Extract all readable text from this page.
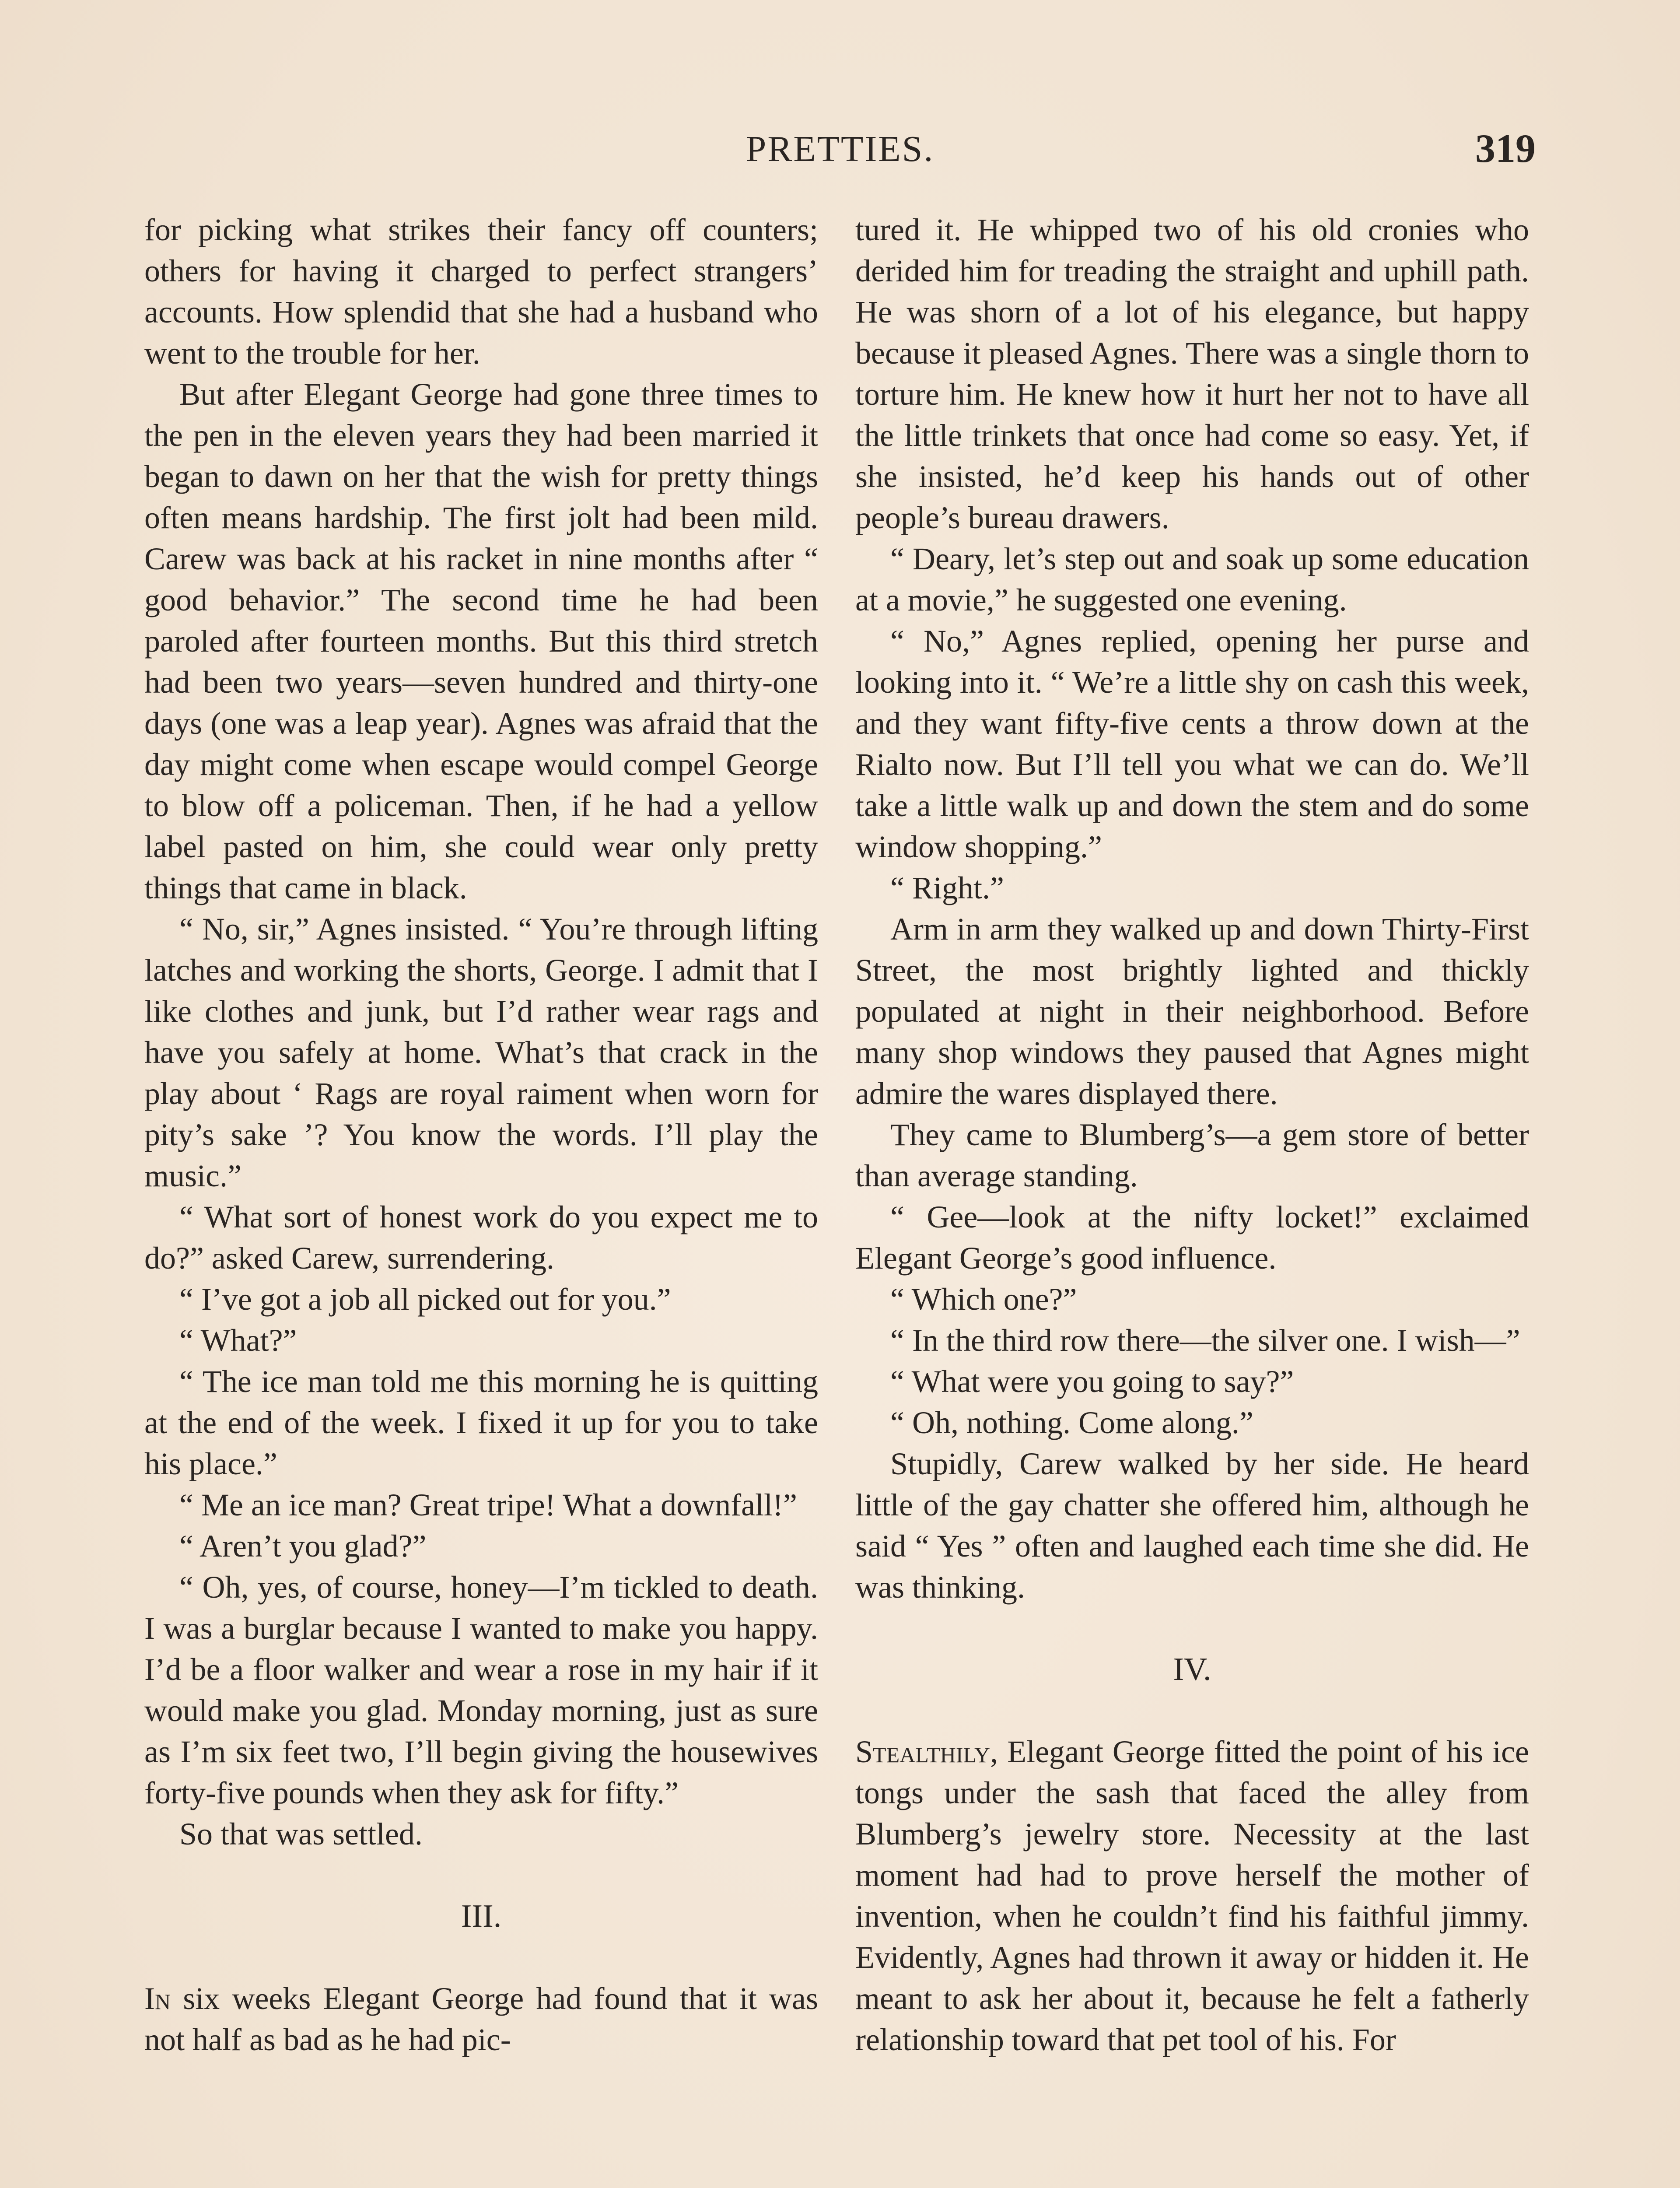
PRETTIES.	319

for picking what strikes their fancy off counters; others for having it charged to perfect strangers’ accounts. How splendid that she had a husband who went to the trouble for her.

But after Elegant George had gone three times to the pen in the eleven years they had been married it began to dawn on her that the wish for pretty things often means hardship. The first jolt had been mild. Carew was back at his racket in nine months after “ good behavior.” The second time he had been paroled after fourteen months. But this third stretch had been two years—seven hundred and thirty-one days (one was a leap year). Agnes was afraid that the day might come when escape would compel George to blow off a policeman. Then, if he had a yellow label pasted on him, she could wear only pretty things that came in black.

“ No, sir,” Agnes insisted. “ You’re through lifting latches and working the shorts, George. I admit that I like clothes and junk, but I’d rather wear rags and have you safely at home. What’s that crack in the play about ‘ Rags are royal raiment when worn for pity’s sake ’? You know the words. I’ll play the music.”

“ What sort of honest work do you expect me to do?” asked Carew, surrendering.

“ I’ve got a job all picked out for you.”

“ What?”

“ The ice man told me this morning he is quitting at the end of the week. I fixed it up for you to take his place.”

“ Me an ice man? Great tripe! What a downfall!”

“ Aren’t you glad?”

“ Oh, yes, of course, honey—I’m tickled to death. I was a burglar because I wanted to make you happy. I’d be a floor walker and wear a rose in my hair if it would make you glad. Monday morning, just as sure as I’m six feet two, I’ll begin giving the housewives forty-five pounds when they ask for fifty.”

So that was settled.

III.

In six weeks Elegant George had found that it was not half as bad as he had pic-

tured it. He whipped two of his old cronies who derided him for treading the straight and uphill path. He was shorn of a lot of his elegance, but happy because it pleased Agnes. There was a single thorn to torture him. He knew how it hurt her not to have all the little trinkets that once had come so easy. Yet, if she insisted, he’d keep his hands out of other people’s bureau drawers.

“ Deary, let’s step out and soak up some education at a movie,” he suggested one evening.

“ No,” Agnes replied, opening her purse and looking into it. “ We’re a little shy on cash this week, and they want fifty-five cents a throw down at the Rialto now. But I’ll tell you what we can do. We’ll take a little walk up and down the stem and do some window shopping.”

“ Right.”

Arm in arm they walked up and down Thirty-First Street, the most brightly lighted and thickly populated at night in their neighborhood. Before many shop windows they paused that Agnes might admire the wares displayed there.

They came to Blumberg’s—a gem store of better than average standing.

“ Gee—look at the nifty locket!” exclaimed Elegant George’s good influence.

“ Which one?”

“ In the third row there—the silver one. I wish—”

“ What were you going to say?”

“ Oh, nothing. Come along.”

Stupidly, Carew walked by her side. He heard little of the gay chatter she offered him, although he said “ Yes ” often and laughed each time she did. He was thinking.

IV.

Stealthily, Elegant George fitted the point of his ice tongs under the sash that faced the alley from Blumberg’s jewelry store. Necessity at the last moment had had to prove herself the mother of invention, when he couldn’t find his faithful jimmy. Evidently, Agnes had thrown it away or hidden it. He meant to ask her about it, because he felt a fatherly relationship toward that pet tool of his. For
